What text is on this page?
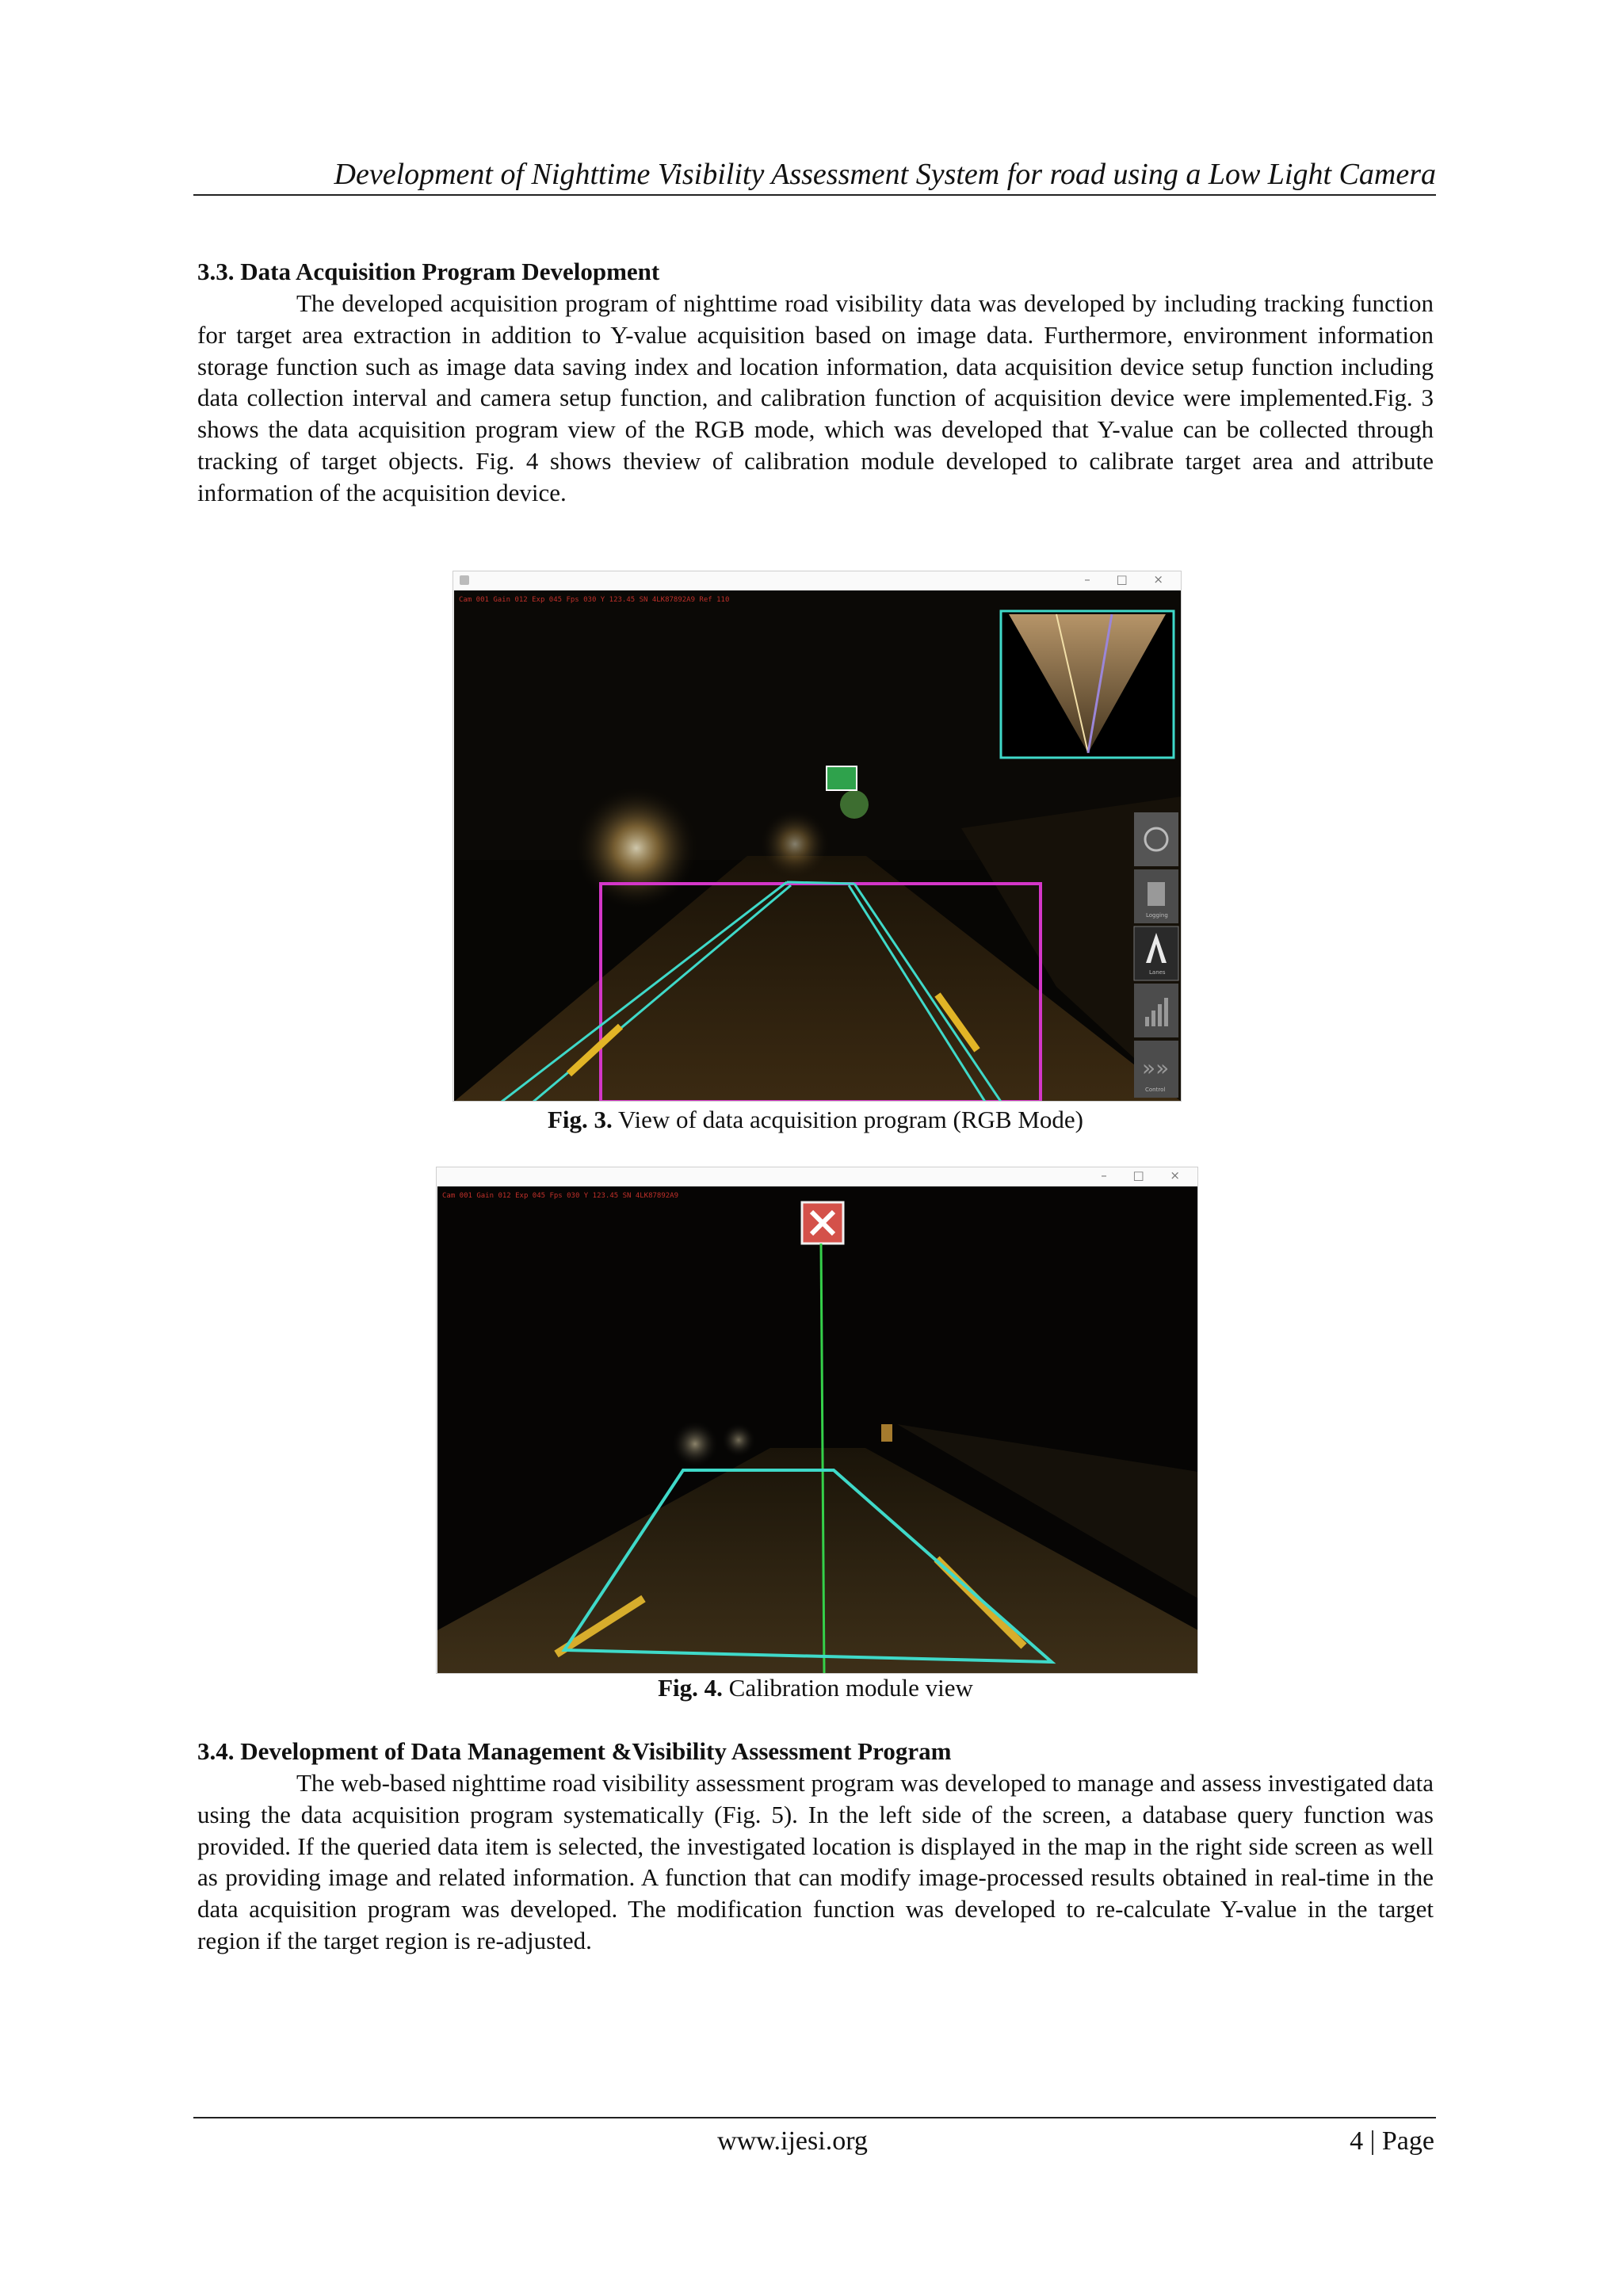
Development of Nighttime Visibility Assessment System for road using a Low Light Camera
3.3. Data Acquisition Program Development
The developed acquisition program of nighttime road visibility data was developed by including tracking function for target area extraction in addition to Y-value acquisition based on image data. Furthermore, environment information storage function such as image data saving index and location information, data acquisition device setup function including data collection interval and camera setup function, and calibration function of acquisition device were implemented.Fig. 3 shows the data acquisition program view of the RGB mode, which was developed that Y-value can be collected through tracking of target objects. Fig. 4 shows theview of calibration module developed to calibrate target area and attribute information of the acquisition device.
– □ ×
Cam 001 Gain 012 Exp 045 Fps 030 Y 123.45 SN 4LK87892A9 Ref 110
Logging
Lanes
»»
Control
Fig. 3. View of data acquisition program (RGB Mode)
– □ ×
Cam 001 Gain 012 Exp 045 Fps 030 Y 123.45 SN 4LK87892A9
Fig. 4. Calibration module view
3.4. Development of Data Management &Visibility Assessment Program
The web-based nighttime road visibility assessment program was developed to manage and assess investigated data using the data acquisition program systematically (Fig. 5). In the left side of the screen, a database query function was provided. If the queried data item is selected, the investigated location is displayed in the map in the right side screen as well as providing image and related information. A function that can modify image-processed results obtained in real-time in the data acquisition program was developed. The modification function was developed to re-calculate Y-value in the target region if the target region is re-adjusted.
www.ijesi.org	4 | Page
